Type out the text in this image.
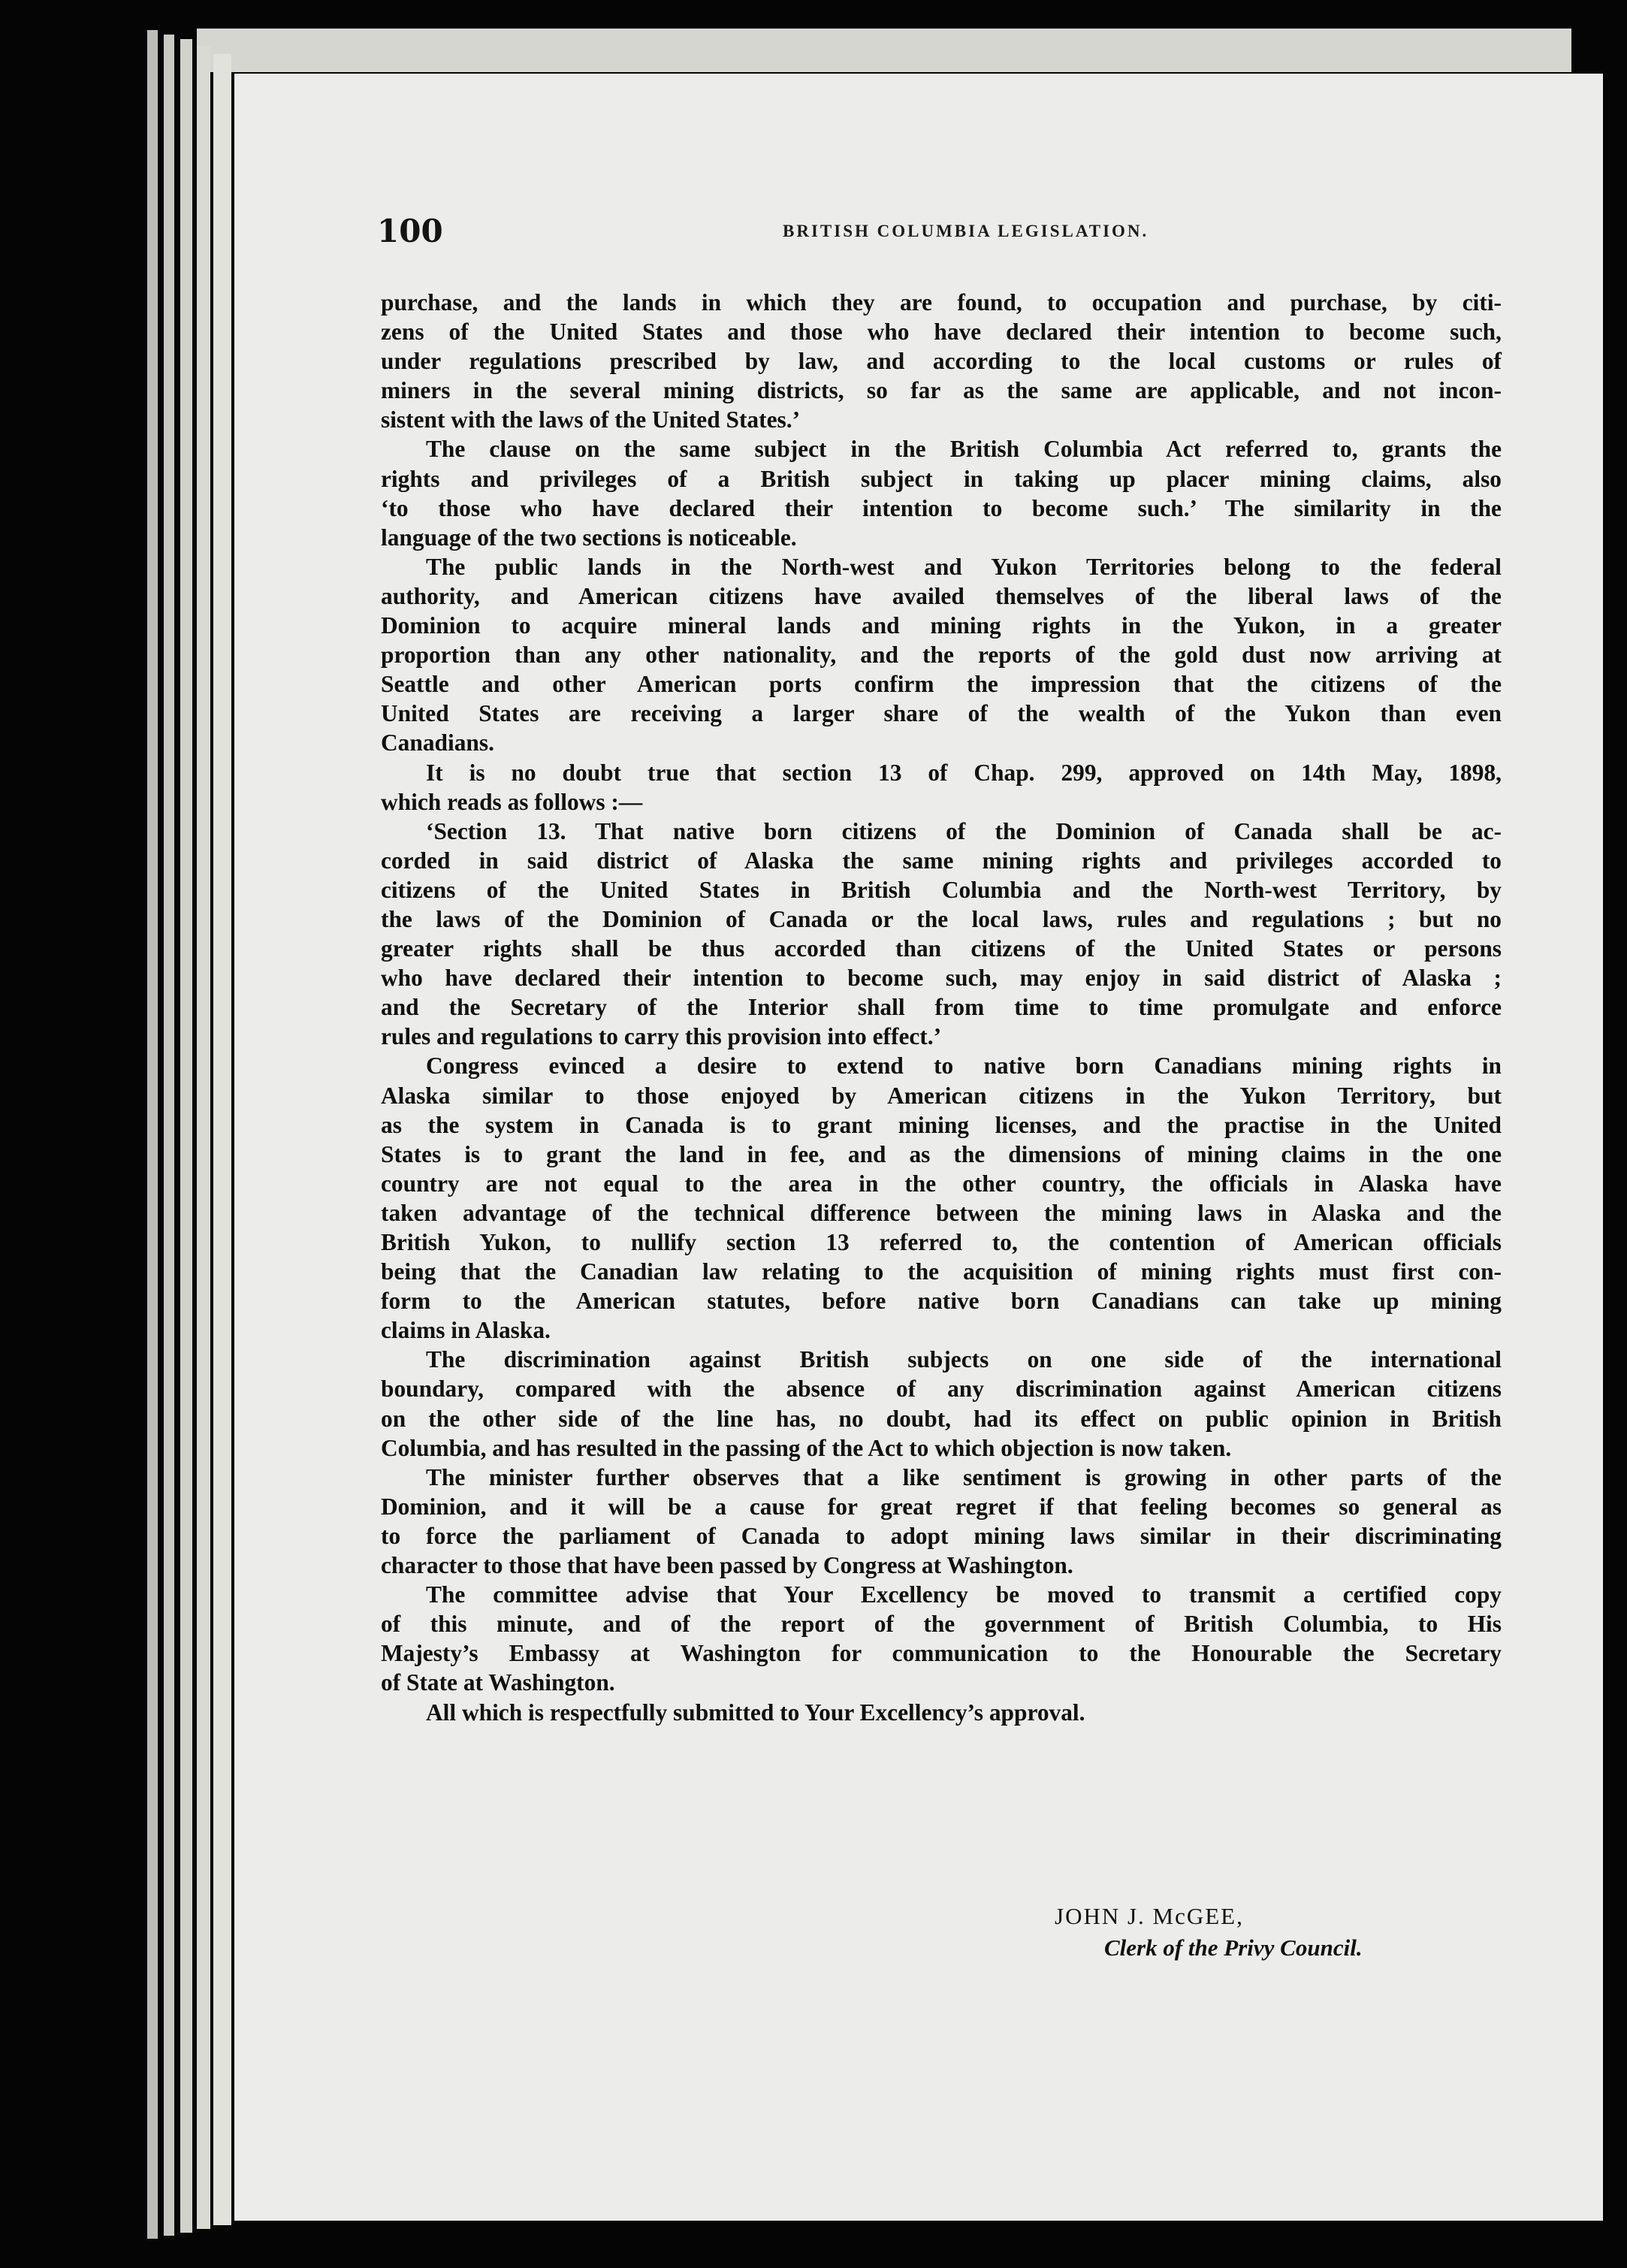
100	BRITISH COLUMBIA LEGISLATION.
purchase, and the lands in which they are found, to occupation and purchase, by citi-
zens of the United States and those who have declared their intention to become such,
under regulations prescribed by law, and according to the local customs or rules of
miners in the several mining districts, so far as the same are applicable, and not incon-
sistent with the laws of the United States.’
The clause on the same subject in the British Columbia Act referred to, grants the
rights and privileges of a British subject in taking up placer mining claims, also
‘to those who have declared their intention to become such.’ The similarity in the
language of the two sections is noticeable.
The public lands in the North-west and Yukon Territories belong to the federal
authority, and American citizens have availed themselves of the liberal laws of the
Dominion to acquire mineral lands and mining rights in the Yukon, in a greater
proportion than any other nationality, and the reports of the gold dust now arriving at
Seattle and other American ports confirm the impression that the citizens of the
United States are receiving a larger share of the wealth of the Yukon than even
Canadians.
It is no doubt true that section 13 of Chap. 299, approved on 14th May, 1898,
which reads as follows :—
‘Section 13. That native born citizens of the Dominion of Canada shall be ac-
corded in said district of Alaska the same mining rights and privileges accorded to
citizens of the United States in British Columbia and the North-west Territory, by
the laws of the Dominion of Canada or the local laws, rules and regulations ; but no
greater rights shall be thus accorded than citizens of the United States or persons
who have declared their intention to become such, may enjoy in said district of Alaska ;
and the Secretary of the Interior shall from time to time promulgate and enforce
rules and regulations to carry this provision into effect.’
Congress evinced a desire to extend to native born Canadians mining rights in
Alaska similar to those enjoyed by American citizens in the Yukon Territory, but
as the system in Canada is to grant mining licenses, and the practise in the United
States is to grant the land in fee, and as the dimensions of mining claims in the one
country are not equal to the area in the other country, the officials in Alaska have
taken advantage of the technical difference between the mining laws in Alaska and the
British Yukon, to nullify section 13 referred to, the contention of American officials
being that the Canadian law relating to the acquisition of mining rights must first con-
form to the American statutes, before native born Canadians can take up mining
claims in Alaska.
The discrimination against British subjects on one side of the international
boundary, compared with the absence of any discrimination against American citizens
on the other side of the line has, no doubt, had its effect on public opinion in British
Columbia, and has resulted in the passing of the Act to which objection is now taken.
The minister further observes that a like sentiment is growing in other parts of the
Dominion, and it will be a cause for great regret if that feeling becomes so general as
to force the parliament of Canada to adopt mining laws similar in their discriminating
character to those that have been passed by Congress at Washington.
The committee advise that Your Excellency be moved to transmit a certified copy
of this minute, and of the report of the government of British Columbia, to His
Majesty’s Embassy at Washington for communication to the Honourable the Secretary
of State at Washington.
All which is respectfully submitted to Your Excellency’s approval.
JOHN J. McGEE,
Clerk of the Privy Council.
